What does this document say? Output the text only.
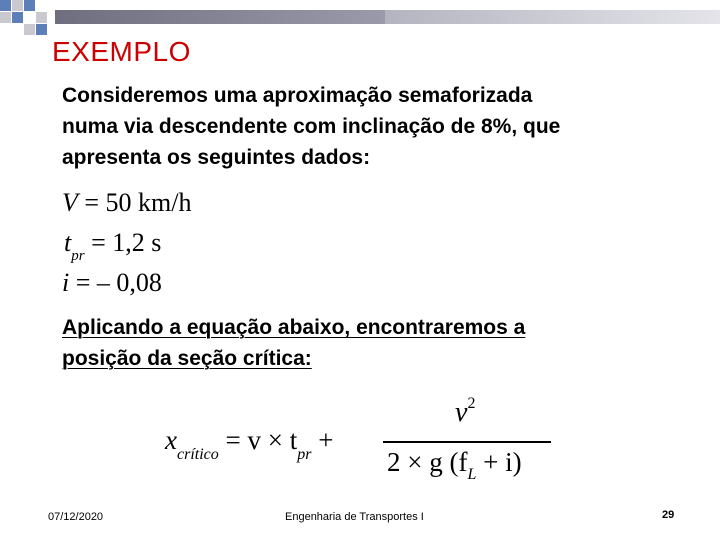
EXEMPLO
Consideremos uma aproximação semaforizada
numa via descendente com inclinação de 8%, que
apresenta os seguintes dados:
V = 50 km/h
$t_{pr} = 1,2$ s
i = – 0,08
Aplicando a equação abaixo, encontraremos a
posição da seção crítica:
$x_{crítico} = v \times t_{pr}$ +
$v^2$
2 × g $(f_L + i)$
07/12/2020	Engenharia de Transportes I	29
